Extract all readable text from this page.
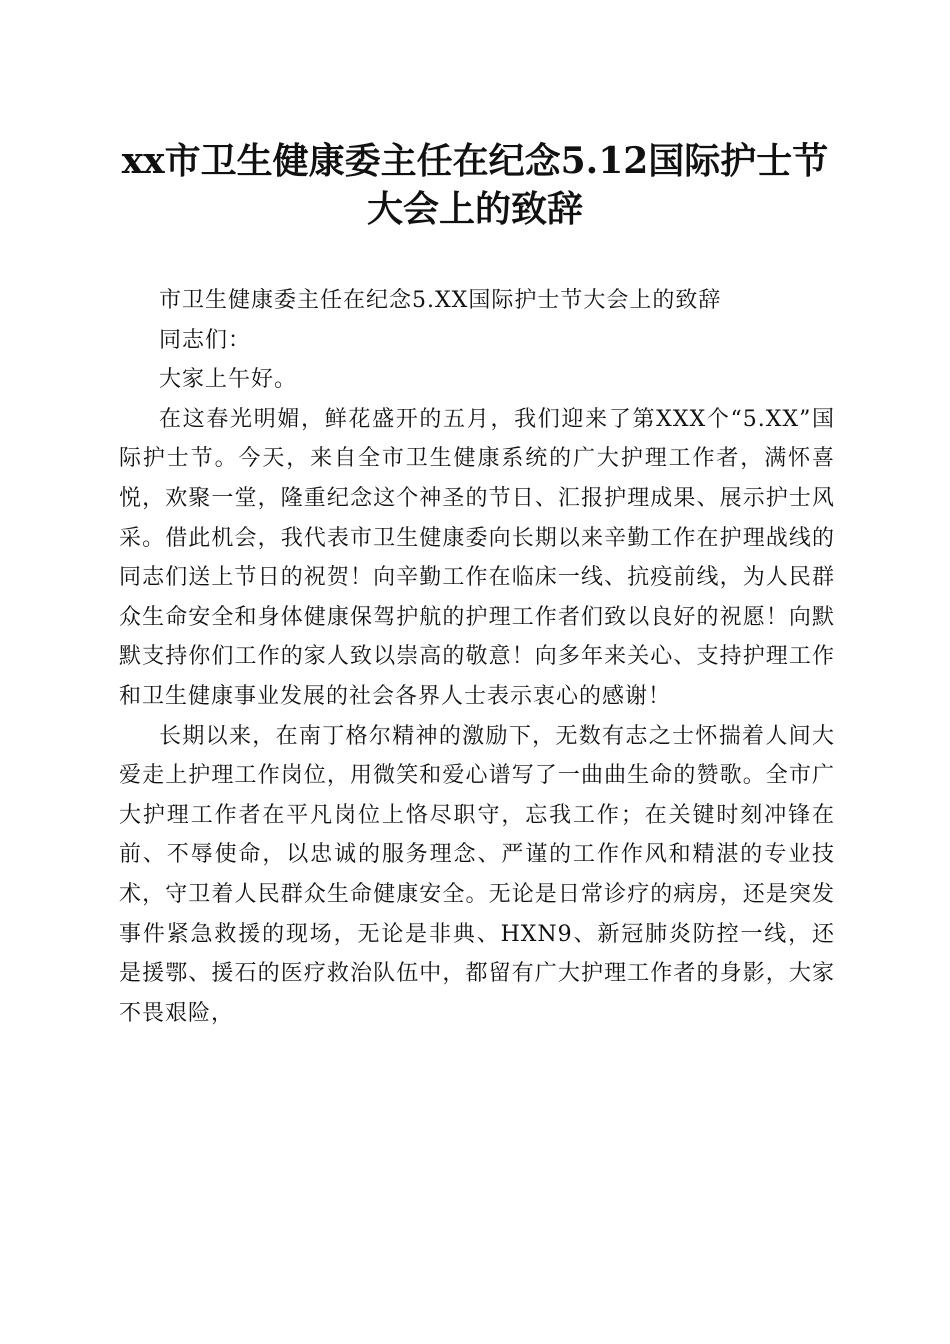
xx市卫生健康委主任在纪念5.12国际护士节
大会上的致辞

市卫生健康委主任在纪念5.XX国际护士节大会上的致辞

同志们：

大家上午好。

在这春光明媚，鲜花盛开的五月，我们迎来了第XXX个“5.XX”国际护士节。今天，来自全市卫生健康系统的广大护理工作者，满怀喜悦，欢聚一堂，隆重纪念这个神圣的节日、汇报护理成果、展示护士风采。借此机会，我代表市卫生健康委向长期以来辛勤工作在护理战线的同志们送上节日的祝贺！向辛勤工作在临床一线、抗疫前线，为人民群众生命安全和身体健康保驾护航的护理工作者们致以良好的祝愿！向默默支持你们工作的家人致以崇高的敬意！向多年来关心、支持护理工作和卫生健康事业发展的社会各界人士表示衷心的感谢！

长期以来，在南丁格尔精神的激励下，无数有志之士怀揣着人间大爱走上护理工作岗位，用微笑和爱心谱写了一曲曲生命的赞歌。全市广大护理工作者在平凡岗位上恪尽职守，忘我工作；在关键时刻冲锋在前、不辱使命，以忠诚的服务理念、严谨的工作作风和精湛的专业技术，守卫着人民群众生命健康安全。无论是日常诊疗的病房，还是突发事件紧急救援的现场，无论是非典、HXN9、新冠肺炎防控一线，还是援鄂、援石的医疗救治队伍中，都留有广大护理工作者的身影，大家不畏艰险，
